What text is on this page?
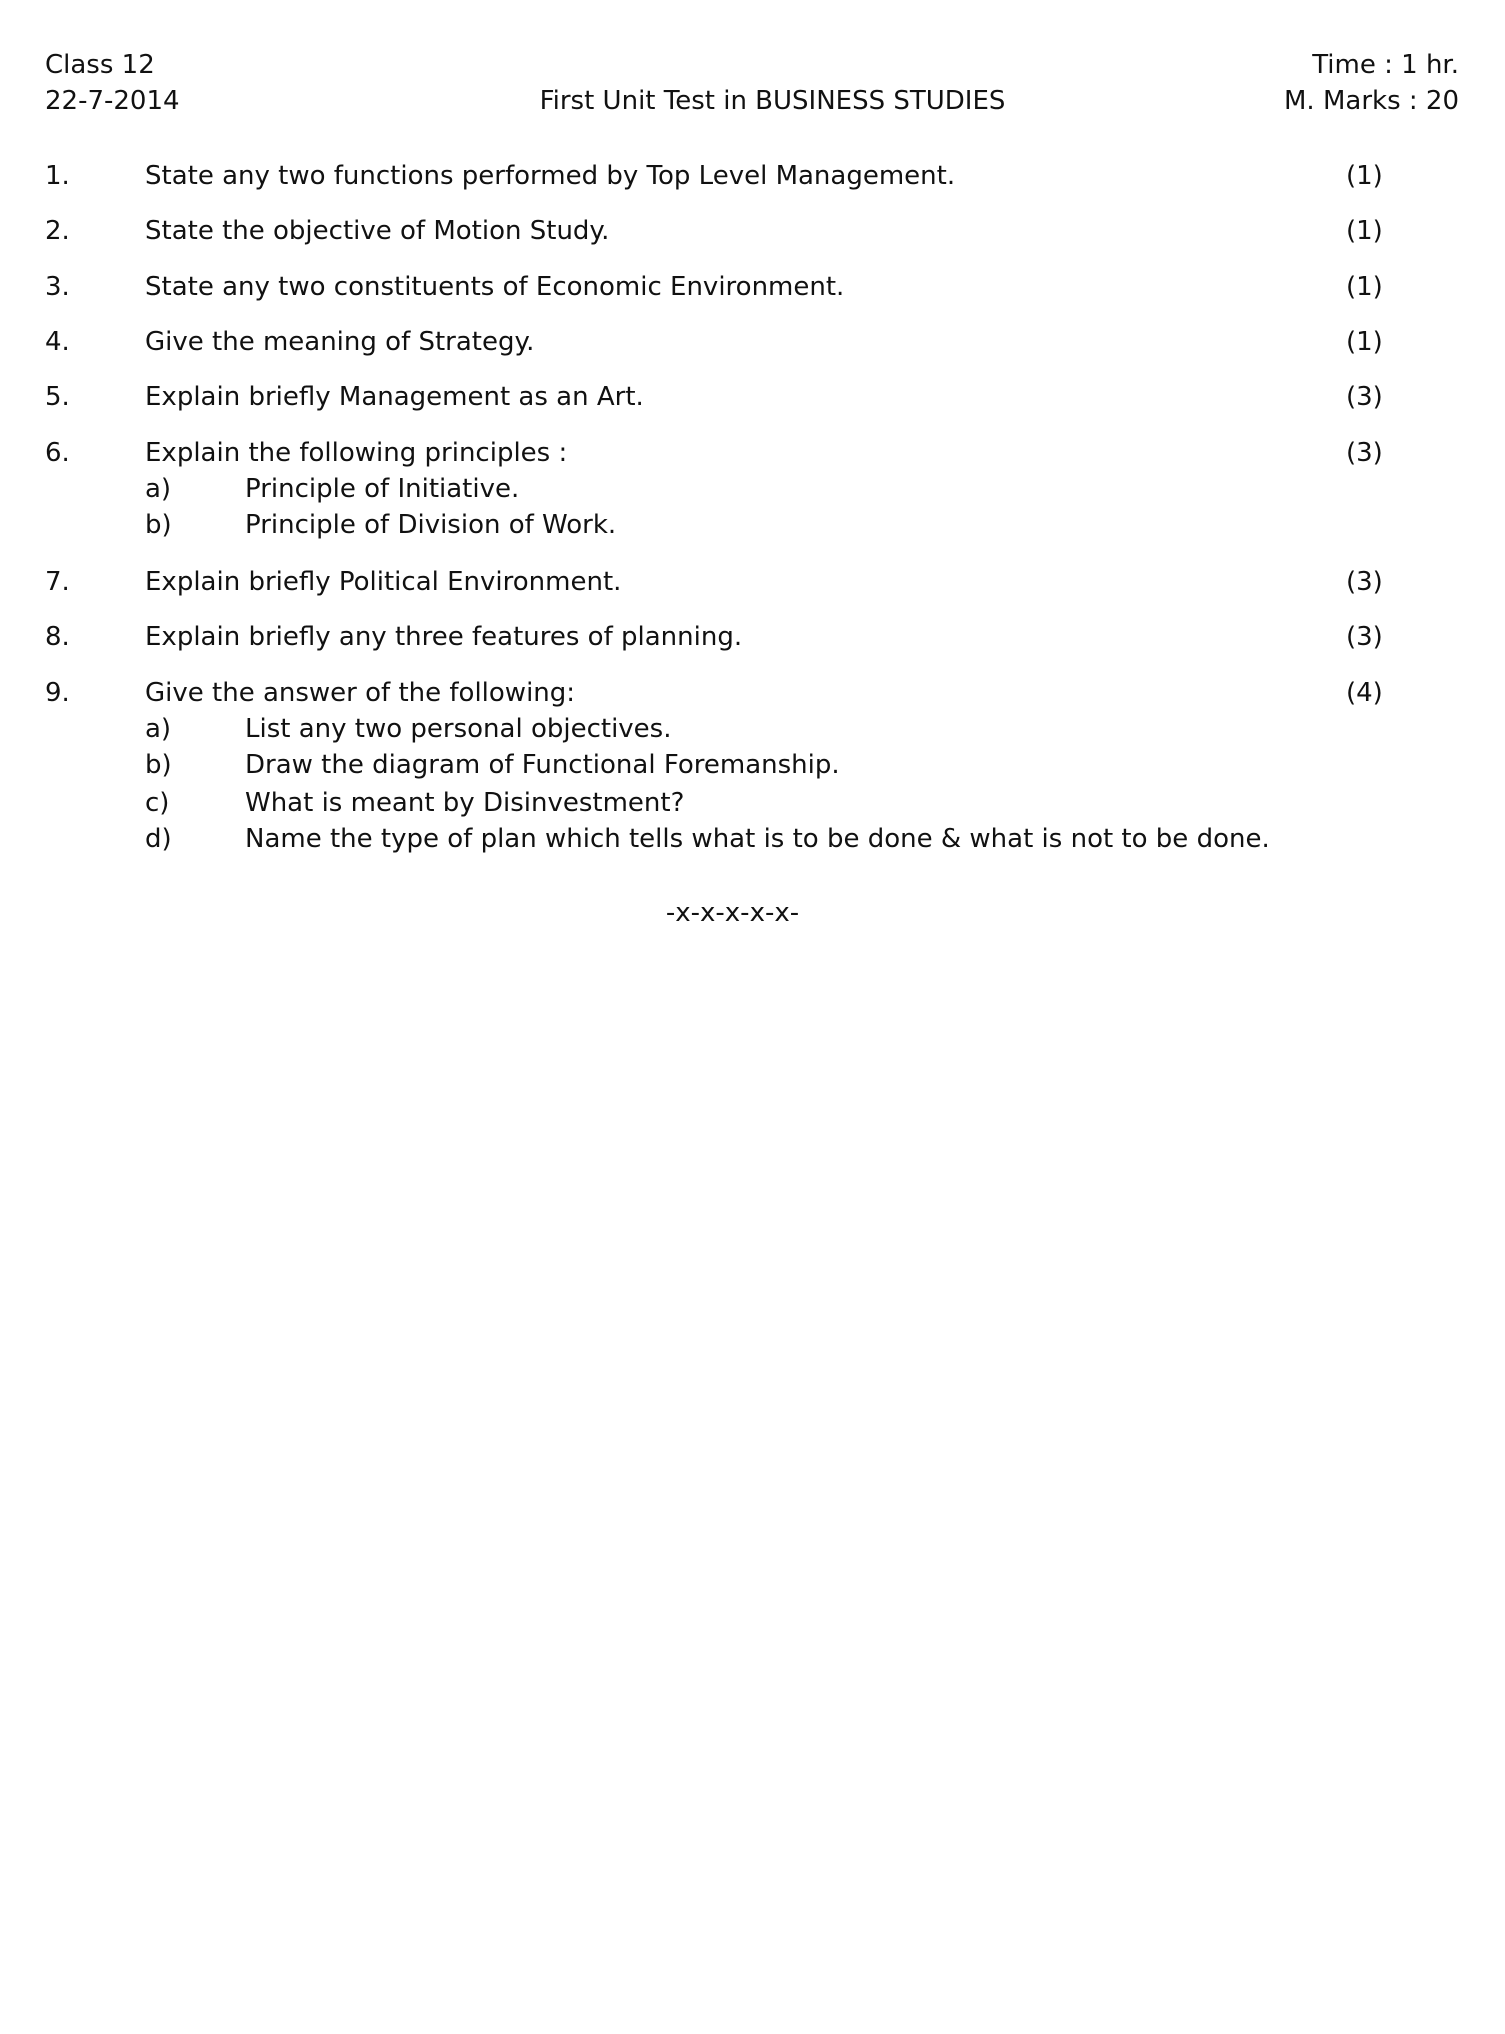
Class 12
22-7-2014	First Unit Test in BUSINESS STUDIES
Time : 1 hr.
M. Marks : 20
1.	State any two functions performed by Top Level Management.	(1)
2.	State the objective of Motion Study.	(1)
3.	State any two constituents of Economic Environment.	(1)
4.	Give the meaning of Strategy.	(1)
5.	Explain briefly Management as an Art.	(3)
6.	Explain the following principles :	(3)
a)	Principle of Initiative.
b)	Principle of Division of Work.
7.	Explain briefly Political Environment.	(3)
8.	Explain briefly any three features of planning.	(3)
9.	Give the answer of the following:	(4)
a)	List any two personal objectives.
b)	Draw the diagram of Functional Foremanship.
c)	What is meant by Disinvestment?
d)	Name the type of plan which tells what is to be done & what is not to be done.
-x-x-x-x-x-
